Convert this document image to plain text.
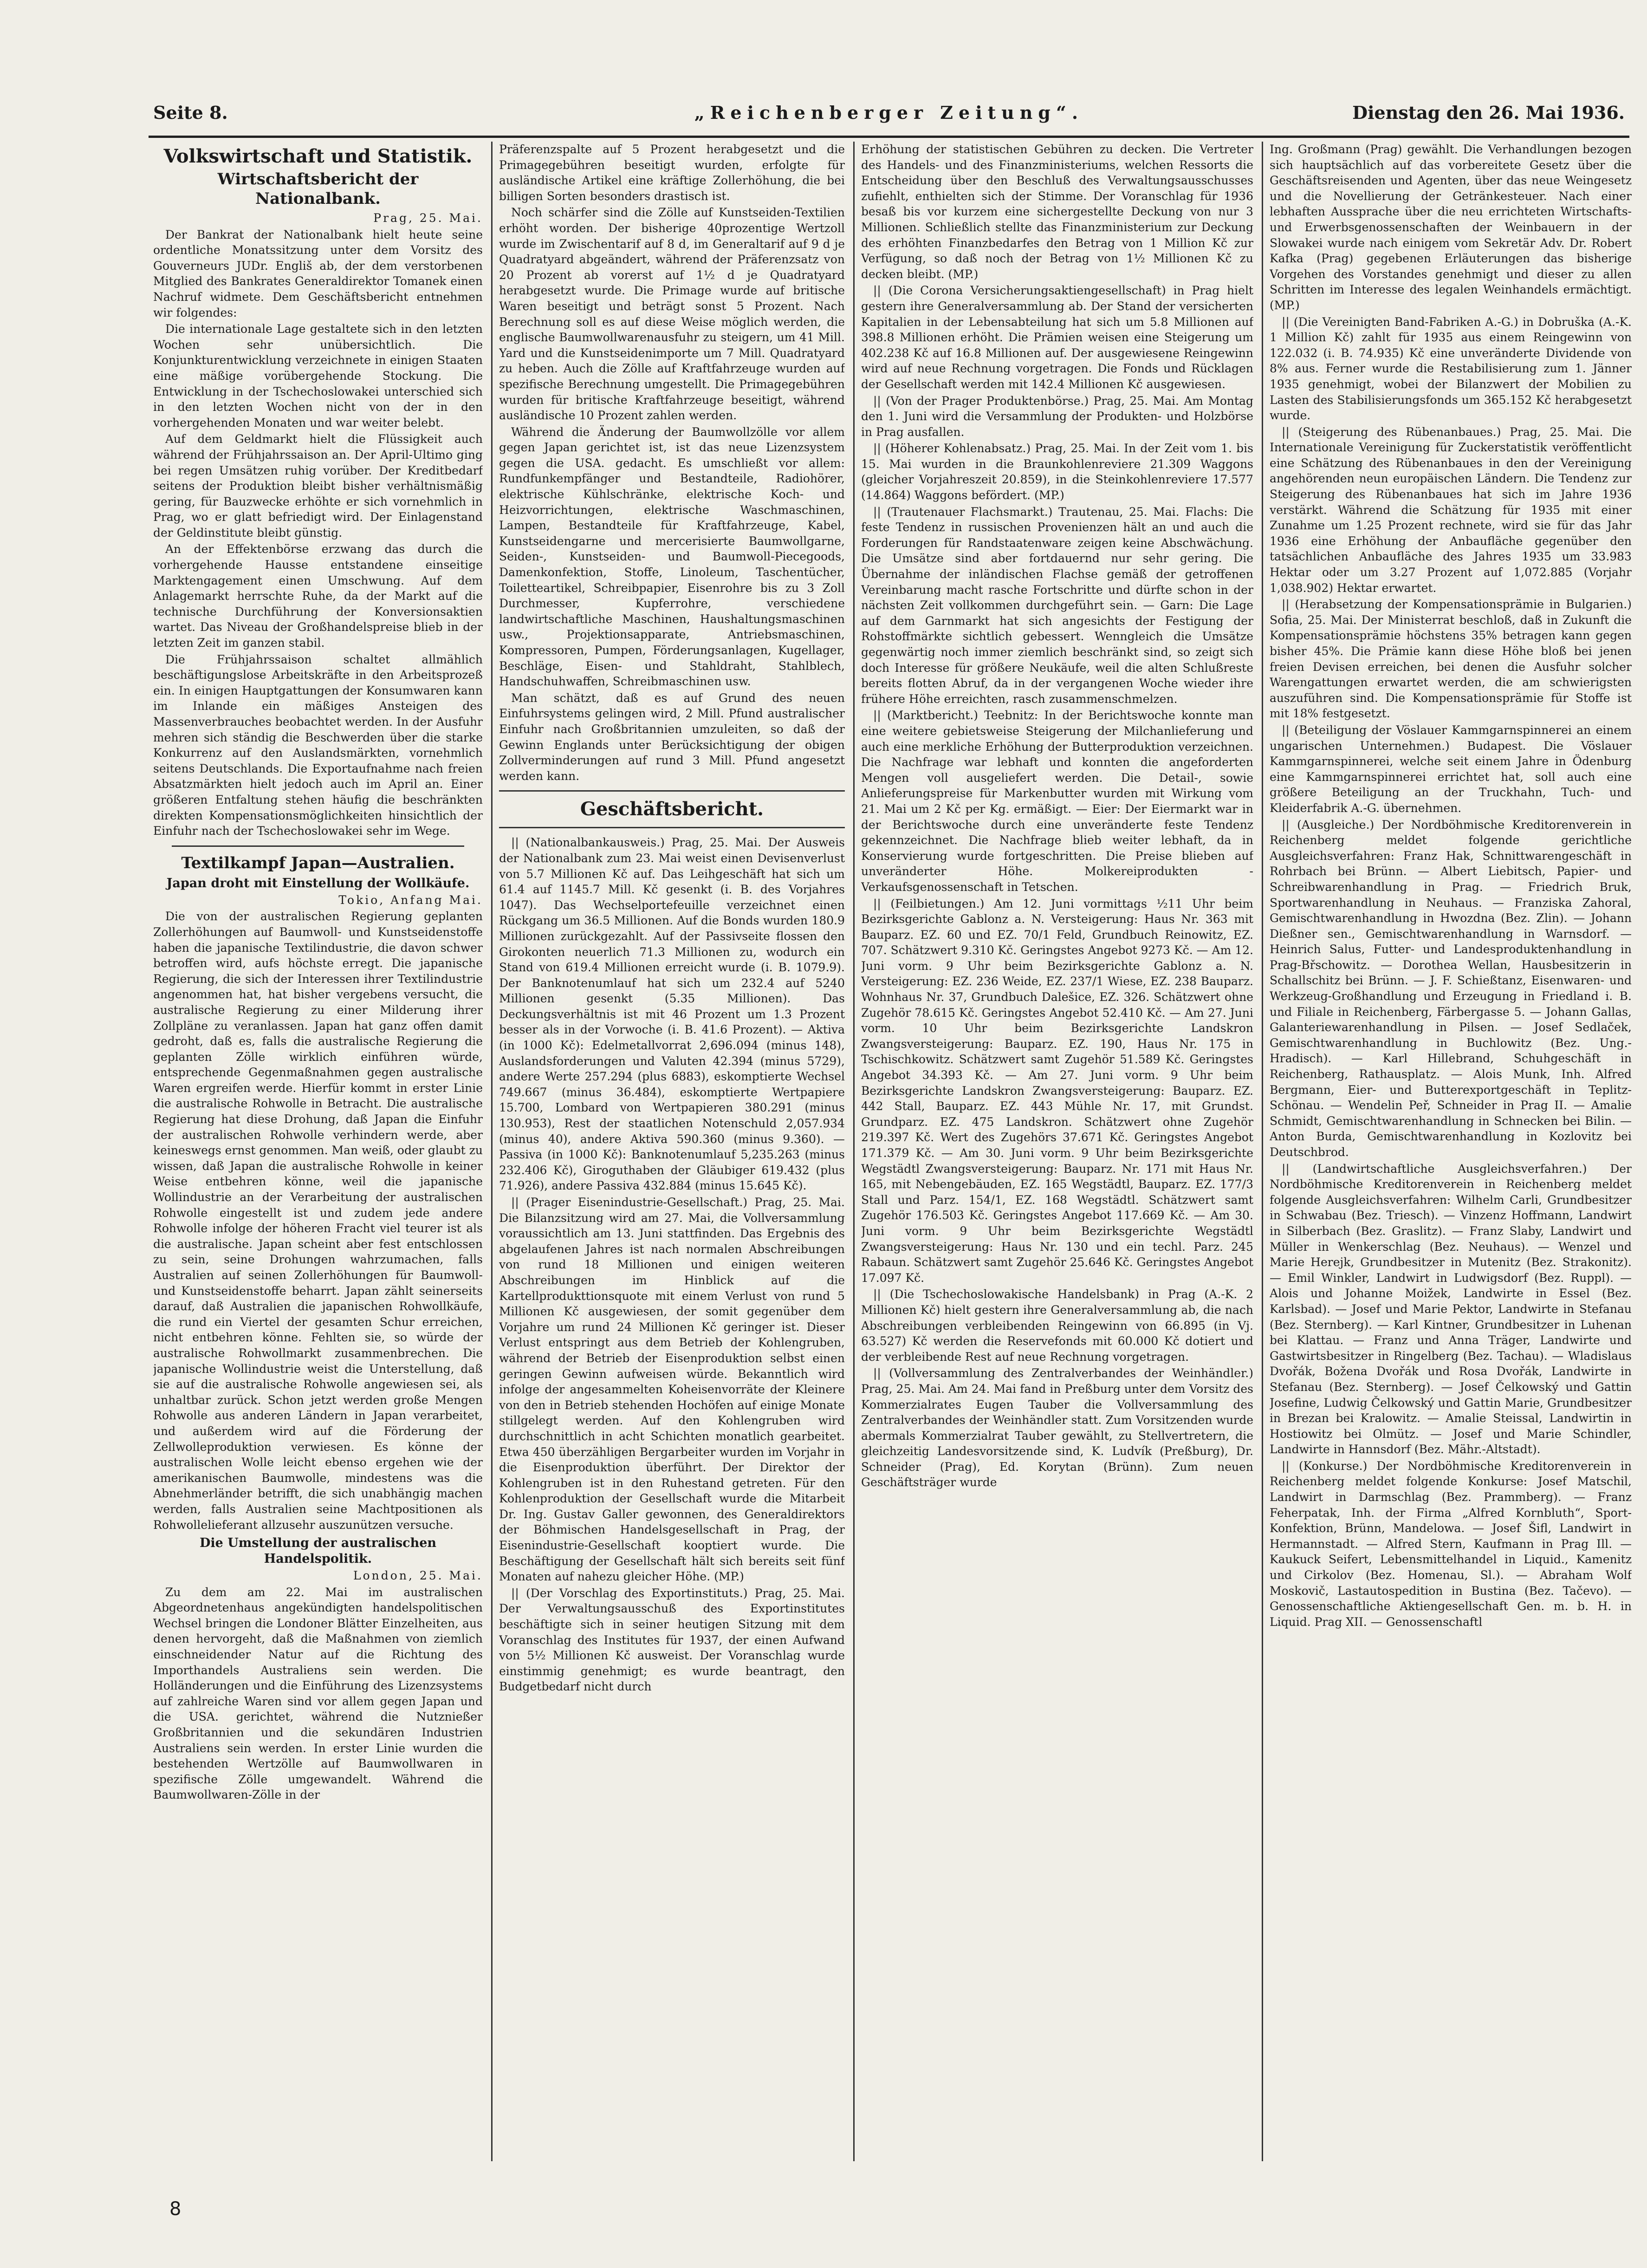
Seite 8.	„Reichenberger Zeitung“.	Dienstag den 26. Mai 1936.
Volkswirtschaft und Statistik.
Wirtschaftsbericht der Nationalbank.

Prag, 25. Mai.

Der Bankrat der Nationalbank hielt heute seine ordentliche Monatssitzung unter dem Vorsitz des Gouverneurs JUDr. Engliš ab, der dem verstorbenen Mitglied des Bankrates Generaldirektor Tomanek einen Nachruf widmete. Dem Geschäftsbericht entnehmen wir folgendes:

Die internationale Lage gestaltete sich in den letzten Wochen sehr unübersichtlich. Die Konjunkturentwicklung verzeichnete in einigen Staaten eine mäßige vorübergehende Stockung. Die Entwicklung in der Tschechoslowakei unterschied sich in den letzten Wochen nicht von der in den vorhergehenden Monaten und war weiter belebt.

Auf dem Geldmarkt hielt die Flüssigkeit auch während der Frühjahrssaison an. Der April-Ultimo ging bei regen Umsätzen ruhig vorüber. Der Kreditbedarf seitens der Produktion bleibt bisher verhältnismäßig gering, für Bauzwecke erhöhte er sich vornehmlich in Prag, wo er glatt befriedigt wird. Der Einlagenstand der Geldinstitute bleibt günstig.

An der Effektenbörse erzwang das durch die vorhergehende Hausse entstandene einseitige Marktengagement einen Umschwung. Auf dem Anlagemarkt herrschte Ruhe, da der Markt auf die technische Durchführung der Konversionsaktien wartet. Das Niveau der Großhandelspreise blieb in der letzten Zeit im ganzen stabil.

Die Frühjahrssaison schaltet allmählich beschäftigungslose Arbeitskräfte in den Arbeitsprozeß ein. In einigen Hauptgattungen der Konsumwaren kann im Inlande ein mäßiges Ansteigen des Massenverbrauches beobachtet werden. In der Ausfuhr mehren sich ständig die Beschwerden über die starke Konkurrenz auf den Auslandsmärkten, vornehmlich seitens Deutschlands. Die Exportaufnahme nach freien Absatzmärkten hielt jedoch auch im April an. Einer größeren Entfaltung stehen häufig die beschränkten direkten Kompensationsmöglichkeiten hinsichtlich der Einfuhr nach der Tschechoslowakei sehr im Wege.

Textilkampf Japan—Australien.
Japan droht mit Einstellung der Wollkäufe.

Tokio, Anfang Mai.

Die von der australischen Regierung geplanten Zollerhöhungen auf Baumwoll- und Kunstseidenstoffe haben die japanische Textilindustrie, die davon schwer betroffen wird, aufs höchste erregt. Die japanische Regierung, die sich der Interessen ihrer Textilindustrie angenommen hat, hat bisher vergebens versucht, die australische Regierung zu einer Milderung ihrer Zollpläne zu veranlassen. Japan hat ganz offen damit gedroht, daß es, falls die australische Regierung die geplanten Zölle wirklich einführen würde, entsprechende Gegenmaßnahmen gegen australische Waren ergreifen werde. Hierfür kommt in erster Linie die australische Rohwolle in Betracht. Die australische Regierung hat diese Drohung, daß Japan die Einfuhr der australischen Rohwolle verhindern werde, aber keineswegs ernst genommen. Man weiß, oder glaubt zu wissen, daß Japan die australische Rohwolle in keiner Weise entbehren könne, weil die japanische Wollindustrie an der Verarbeitung der australischen Rohwolle eingestellt ist und zudem jede andere Rohwolle infolge der höheren Fracht viel teurer ist als die australische. Japan scheint aber fest entschlossen zu sein, seine Drohungen wahrzumachen, falls Australien auf seinen Zollerhöhungen für Baumwoll- und Kunstseidenstoffe beharrt. Japan zählt seinerseits darauf, daß Australien die japanischen Rohwollkäufe, die rund ein Viertel der gesamten Schur erreichen, nicht entbehren könne. Fehlten sie, so würde der australische Rohwollmarkt zusammenbrechen. Die japanische Wollindustrie weist die Unterstellung, daß sie auf die australische Rohwolle angewiesen sei, als unhaltbar zurück. Schon jetzt werden große Mengen Rohwolle aus anderen Ländern in Japan verarbeitet, und außerdem wird auf die Förderung der Zellwolleproduktion verwiesen. Es könne der australischen Wolle leicht ebenso ergehen wie der amerikanischen Baumwolle, mindestens was die Abnehmerländer betrifft, die sich unabhängig machen werden, falls Australien seine Machtpositionen als Rohwollelieferant allzusehr auszunützen versuche.

Die Umstellung der australischen Handelspolitik.

London, 25. Mai.

Zu dem am 22. Mai im australischen Abgeordnetenhaus angekündigten handelspolitischen Wechsel bringen die Londoner Blätter Einzelheiten, aus denen hervorgeht, daß die Maßnahmen von ziemlich einschneidender Natur auf die Richtung des Importhandels Australiens sein werden. Die Holländerungen und die Einführung des Lizenzsystems auf zahlreiche Waren sind vor allem gegen Japan und die USA. gerichtet, während die Nutznießer Großbritannien und die sekundären Industrien Australiens sein werden. In erster Linie wurden die bestehenden Wertzölle auf Baumwollwaren in spezifische Zölle umgewandelt. Während die Baumwollwaren-Zölle in der

Präferenzspalte auf 5 Prozent herabgesetzt und die Primagegebühren beseitigt wurden, erfolgte für ausländische Artikel eine kräftige Zollerhöhung, die bei billigen Sorten besonders drastisch ist.

Noch schärfer sind die Zölle auf Kunstseiden-Textilien erhöht worden. Der bisherige 40prozentige Wertzoll wurde im Zwischentarif auf 8 d, im Generaltarif auf 9 d je Quadratyard abgeändert, während der Präferenzsatz von 20 Prozent ab vorerst auf 1½ d je Quadratyard herabgesetzt wurde. Die Primage wurde auf britische Waren beseitigt und beträgt sonst 5 Prozent. Nach Berechnung soll es auf diese Weise möglich werden, die englische Baumwollwarenausfuhr zu steigern, um 41 Mill. Yard und die Kunstseidenimporte um 7 Mill. Quadratyard zu heben. Auch die Zölle auf Kraftfahrzeuge wurden auf spezifische Berechnung umgestellt. Die Primagegebühren wurden für britische Kraftfahrzeuge beseitigt, während ausländische 10 Prozent zahlen werden.

Während die Änderung der Baumwollzölle vor allem gegen Japan gerichtet ist, ist das neue Lizenzsystem gegen die USA. gedacht. Es umschließt vor allem: Rundfunkempfänger und Bestandteile, Radiohörer, elektrische Kühlschränke, elektrische Koch- und Heizvorrichtungen, elektrische Waschmaschinen, Lampen, Bestandteile für Kraftfahrzeuge, Kabel, Kunstseidengarne und mercerisierte Baumwollgarne, Seiden-, Kunstseiden- und Baumwoll-Piecegoods, Damenkonfektion, Stoffe, Linoleum, Taschentücher, Toiletteartikel, Schreibpapier, Eisenrohre bis zu 3 Zoll Durchmesser, Kupferrohre, verschiedene landwirtschaftliche Maschinen, Haushaltungsmaschinen usw., Projektionsapparate, Antriebsmaschinen, Kompressoren, Pumpen, Förderungsanlagen, Kugellager, Beschläge, Eisen- und Stahldraht, Stahlblech, Handschuhwaffen, Schreibmaschinen usw.

Man schätzt, daß es auf Grund des neuen Einfuhrsystems gelingen wird, 2 Mill. Pfund australischer Einfuhr nach Großbritannien umzuleiten, so daß der Gewinn Englands unter Berücksichtigung der obigen Zollverminderungen auf rund 3 Mill. Pfund angesetzt werden kann.

Geschäftsbericht.

|| (Nationalbankausweis.) Prag, 25. Mai. Der Ausweis der Nationalbank zum 23. Mai weist einen Devisenverlust von 5.7 Millionen Kč auf. Das Leihgeschäft hat sich um 61.4 auf 1145.7 Mill. Kč gesenkt (i. B. des Vorjahres 1047). Das Wechselportefeuille verzeichnet einen Rückgang um 36.5 Millionen. Auf die Bonds wurden 180.9 Millionen zurückgezahlt. Auf der Passivseite flossen den Girokonten neuerlich 71.3 Millionen zu, wodurch ein Stand von 619.4 Millionen erreicht wurde (i. B. 1079.9). Der Banknotenumlauf hat sich um 232.4 auf 5240 Millionen gesenkt (5.35 Millionen). Das Deckungsverhältnis ist mit 46 Prozent um 1.3 Prozent besser als in der Vorwoche (i. B. 41.6 Prozent). — Aktiva (in 1000 Kč): Edelmetallvorrat 2,696.094 (minus 148), Auslandsforderungen und Valuten 42.394 (minus 5729), andere Werte 257.294 (plus 6883), eskomptierte Wechsel 749.667 (minus 36.484), eskomptierte Wertpapiere 15.700, Lombard von Wertpapieren 380.291 (minus 130.953), Rest der staatlichen Notenschuld 2,057.934 (minus 40), andere Aktiva 590.360 (minus 9.360). — Passiva (in 1000 Kč): Banknotenumlauf 5,235.263 (minus 232.406 Kč), Giroguthaben der Gläubiger 619.432 (plus 71.926), andere Passiva 432.884 (minus 15.645 Kč).

|| (Prager Eisenindustrie-Gesellschaft.) Prag, 25. Mai. Die Bilanzsitzung wird am 27. Mai, die Vollversammlung voraussichtlich am 13. Juni stattfinden. Das Ergebnis des abgelaufenen Jahres ist nach normalen Abschreibungen von rund 18 Millionen und einigen weiteren Abschreibungen im Hinblick auf die Kartellprodukttionsquote mit einem Verlust von rund 5 Millionen Kč ausgewiesen, der somit gegenüber dem Vorjahre um rund 24 Millionen Kč geringer ist. Dieser Verlust entspringt aus dem Betrieb der Kohlengruben, während der Betrieb der Eisenproduktion selbst einen geringen Gewinn aufweisen würde. Bekanntlich wird infolge der angesammelten Koheisenvorräte der Kleinere von den in Betrieb stehenden Hochöfen auf einige Monate stillgelegt werden. Auf den Kohlengruben wird durchschnittlich in acht Schichten monatlich gearbeitet. Etwa 450 überzähligen Bergarbeiter wurden im Vorjahr in die Eisenproduktion überführt. Der Direktor der Kohlengruben ist in den Ruhestand getreten. Für den Kohlenproduktion der Gesellschaft wurde die Mitarbeit Dr. Ing. Gustav Galler gewonnen, des Generaldirektors der Böhmischen Handelsgesellschaft in Prag, der Eisenindustrie-Gesellschaft kooptiert wurde. Die Beschäftigung der Gesellschaft hält sich bereits seit fünf Monaten auf nahezu gleicher Höhe. (MP.)

|| (Der Vorschlag des Exportinstituts.) Prag, 25. Mai. Der Verwaltungsausschuß des Exportinstitutes beschäftigte sich in seiner heutigen Sitzung mit dem Voranschlag des Institutes für 1937, der einen Aufwand von 5½ Millionen Kč ausweist. Der Voranschlag wurde einstimmig genehmigt; es wurde beantragt, den Budgetbedarf nicht durch

Erhöhung der statistischen Gebühren zu decken. Die Vertreter des Handels- und des Finanzministeriums, welchen Ressorts die Entscheidung über den Beschluß des Verwaltungsausschusses zufiehlt, enthielten sich der Stimme. Der Voranschlag für 1936 besaß bis vor kurzem eine sichergestellte Deckung von nur 3 Millionen. Schließlich stellte das Finanzministerium zur Deckung des erhöhten Finanzbedarfes den Betrag von 1 Million Kč zur Verfügung, so daß noch der Betrag von 1½ Millionen Kč zu decken bleibt. (MP.)

|| (Die Corona Versicherungsaktiengesellschaft) in Prag hielt gestern ihre Generalversammlung ab. Der Stand der versicherten Kapitalien in der Lebensabteilung hat sich um 5.8 Millionen auf 398.8 Millionen erhöht. Die Prämien weisen eine Steigerung um 402.238 Kč auf 16.8 Millionen auf. Der ausgewiesene Reingewinn wird auf neue Rechnung vorgetragen. Die Fonds und Rücklagen der Gesellschaft werden mit 142.4 Millionen Kč ausgewiesen.

|| (Von der Prager Produktenbörse.) Prag, 25. Mai. Am Montag den 1. Juni wird die Versammlung der Produkten- und Holzbörse in Prag ausfallen.

|| (Höherer Kohlenabsatz.) Prag, 25. Mai. In der Zeit vom 1. bis 15. Mai wurden in die Braunkohlenreviere 21.309 Waggons (gleicher Vorjahreszeit 20.859), in die Steinkohlenreviere 17.577 (14.864) Waggons befördert. (MP.)

|| (Trautenauer Flachsmarkt.) Trautenau, 25. Mai. Flachs: Die feste Tendenz in russischen Provenienzen hält an und auch die Forderungen für Randstaatenware zeigen keine Abschwächung. Die Umsätze sind aber fortdauernd nur sehr gering. Die Übernahme der inländischen Flachse gemäß der getroffenen Vereinbarung macht rasche Fortschritte und dürfte schon in der nächsten Zeit vollkommen durchgeführt sein. — Garn: Die Lage auf dem Garnmarkt hat sich angesichts der Festigung der Rohstoffmärkte sichtlich gebessert. Wenngleich die Umsätze gegenwärtig noch immer ziemlich beschränkt sind, so zeigt sich doch Interesse für größere Neukäufe, weil die alten Schlußreste bereits flotten Abruf, da in der vergangenen Woche wieder ihre frühere Höhe erreichten, rasch zusammenschmelzen.

|| (Marktbericht.) Teebnitz: In der Berichtswoche konnte man eine weitere gebietsweise Steigerung der Milchanlieferung und auch eine merkliche Erhöhung der Butterproduktion verzeichnen. Die Nachfrage war lebhaft und konnten die angeforderten Mengen voll ausgeliefert werden. Die Detail-, sowie Anlieferungspreise für Markenbutter wurden mit Wirkung vom 21. Mai um 2 Kč per Kg. ermäßigt. — Eier: Der Eiermarkt war in der Berichtswoche durch eine unveränderte feste Tendenz gekennzeichnet. Die Nachfrage blieb weiter lebhaft, da in Konservierung wurde fortgeschritten. Die Preise blieben auf unveränderter Höhe. Molkereiprodukten - Verkaufsgenossenschaft in Tetschen.

|| (Feilbietungen.) Am 12. Juni vormittags ½11 Uhr beim Bezirksgerichte Gablonz a. N. Versteigerung: Haus Nr. 363 mit Bauparz. EZ. 60 und EZ. 70/1 Feld, Grundbuch Reinowitz, EZ. 707. Schätzwert 9.310 Kč. Geringstes Angebot 9273 Kč. — Am 12. Juni vorm. 9 Uhr beim Bezirksgerichte Gablonz a. N. Versteigerung: EZ. 236 Weide, EZ. 237/1 Wiese, EZ. 238 Bauparz. Wohnhaus Nr. 37, Grundbuch Dalešice, EZ. 326. Schätzwert ohne Zugehör 78.615 Kč. Geringstes Angebot 52.410 Kč. — Am 27. Juni vorm. 10 Uhr beim Bezirksgerichte Landskron Zwangsversteigerung: Bauparz. EZ. 190, Haus Nr. 175 in Tschischkowitz. Schätzwert samt Zugehör 51.589 Kč. Geringstes Angebot 34.393 Kč. — Am 27. Juni vorm. 9 Uhr beim Bezirksgerichte Landskron Zwangsversteigerung: Bauparz. EZ. 442 Stall, Bauparz. EZ. 443 Mühle Nr. 17, mit Grundst. Grundparz. EZ. 475 Landskron. Schätzwert ohne Zugehör 219.397 Kč. Wert des Zugehörs 37.671 Kč. Geringstes Angebot 171.379 Kč. — Am 30. Juni vorm. 9 Uhr beim Bezirksgerichte Wegstädtl Zwangsversteigerung: Bauparz. Nr. 171 mit Haus Nr. 165, mit Nebengebäuden, EZ. 165 Wegstädtl, Bauparz. EZ. 177/3 Stall und Parz. 154/1, EZ. 168 Wegstädtl. Schätzwert samt Zugehör 176.503 Kč. Geringstes Angebot 117.669 Kč. — Am 30. Juni vorm. 9 Uhr beim Bezirksgerichte Wegstädtl Zwangsversteigerung: Haus Nr. 130 und ein techl. Parz. 245 Rabaun. Schätzwert samt Zugehör 25.646 Kč. Geringstes Angebot 17.097 Kč.

|| (Die Tschechoslowakische Handelsbank) in Prag (A.-K. 2 Millionen Kč) hielt gestern ihre Generalversammlung ab, die nach Abschreibungen verbleibenden Reingewinn von 66.895 (in Vj. 63.527) Kč werden die Reservefonds mit 60.000 Kč dotiert und der verbleibende Rest auf neue Rechnung vorgetragen.

|| (Vollversammlung des Zentralverbandes der Weinhändler.) Prag, 25. Mai. Am 24. Mai fand in Preßburg unter dem Vorsitz des Kommerzialrates Eugen Tauber die Vollversammlung des Zentralverbandes der Weinhändler statt. Zum Vorsitzenden wurde abermals Kommerzialrat Tauber gewählt, zu Stellvertretern, die gleichzeitig Landesvorsitzende sind, K. Ludvík (Preßburg), Dr. Schneider (Prag), Ed. Korytan (Brünn). Zum neuen Geschäftsträger wurde

Ing. Großmann (Prag) gewählt. Die Verhandlungen bezogen sich hauptsächlich auf das vorbereitete Gesetz über die Geschäftsreisenden und Agenten, über das neue Weingesetz und die Novellierung der Getränkesteuer. Nach einer lebhaften Aussprache über die neu errichteten Wirtschafts- und Erwerbsgenossenschaften der Weinbauern in der Slowakei wurde nach einigem vom Sekretär Adv. Dr. Robert Kafka (Prag) gegebenen Erläuterungen das bisherige Vorgehen des Vorstandes genehmigt und dieser zu allen Schritten im Interesse des legalen Weinhandels ermächtigt. (MP.)

|| (Die Vereinigten Band-Fabriken A.-G.) in Dobruška (A.-K. 1 Million Kč) zahlt für 1935 aus einem Reingewinn von 122.032 (i. B. 74.935) Kč eine unveränderte Dividende von 8% aus. Ferner wurde die Restabilisierung zum 1. Jänner 1935 genehmigt, wobei der Bilanzwert der Mobilien zu Lasten des Stabilisierungsfonds um 365.152 Kč herabgesetzt wurde.

|| (Steigerung des Rübenanbaues.) Prag, 25. Mai. Die Internationale Vereinigung für Zuckerstatistik veröffentlicht eine Schätzung des Rübenanbaues in den der Vereinigung angehörenden neun europäischen Ländern. Die Tendenz zur Steigerung des Rübenanbaues hat sich im Jahre 1936 verstärkt. Während die Schätzung für 1935 mit einer Zunahme um 1.25 Prozent rechnete, wird sie für das Jahr 1936 eine Erhöhung der Anbaufläche gegenüber den tatsächlichen Anbaufläche des Jahres 1935 um 33.983 Hektar oder um 3.27 Prozent auf 1,072.885 (Vorjahr 1,038.902) Hektar erwartet.

|| (Herabsetzung der Kompensationsprämie in Bulgarien.) Sofia, 25. Mai. Der Ministerrat beschloß, daß in Zukunft die Kompensationsprämie höchstens 35% betragen kann gegen bisher 45%. Die Prämie kann diese Höhe bloß bei jenen freien Devisen erreichen, bei denen die Ausfuhr solcher Warengattungen erwartet werden, die am schwierigsten auszuführen sind. Die Kompensationsprämie für Stoffe ist mit 18% festgesetzt.

|| (Beteiligung der Vöslauer Kammgarnspinnerei an einem ungarischen Unternehmen.) Budapest. Die Vöslauer Kammgarnspinnerei, welche seit einem Jahre in Ödenburg eine Kammgarnspinnerei errichtet hat, soll auch eine größere Beteiligung an der Truckhahn, Tuch- und Kleiderfabrik A.-G. übernehmen.

|| (Ausgleiche.) Der Nordböhmische Kreditorenverein in Reichenberg meldet folgende gerichtliche Ausgleichsverfahren: Franz Hak, Schnittwarengeschäft in Rohrbach bei Brünn. — Albert Liebitsch, Papier- und Schreibwarenhandlung in Prag. — Friedrich Bruk, Sportwarenhandlung in Neuhaus. — Franziska Zahoral, Gemischtwarenhandlung in Hwozdna (Bez. Zlin). — Johann Dießner sen., Gemischtwarenhandlung in Warnsdorf. — Heinrich Salus, Futter- und Landesproduktenhandlung in Prag-Břschowitz. — Dorothea Wellan, Hausbesitzerin in Schallschitz bei Brünn. — J. F. Schießtanz, Eisenwaren- und Werkzeug-Großhandlung und Erzeugung in Friedland i. B. und Filiale in Reichenberg, Färbergasse 5. — Johann Gallas, Galanteriewarenhandlung in Pilsen. — Josef Sedlaček, Gemischtwarenhandlung in Buchlowitz (Bez. Ung.-Hradisch). — Karl Hillebrand, Schuhgeschäft in Reichenberg, Rathausplatz. — Alois Munk, Inh. Alfred Bergmann, Eier- und Butterexportgeschäft in Teplitz-Schönau. — Wendelin Peř, Schneider in Prag II. — Amalie Schmidt, Gemischtwarenhandlung in Schnecken bei Bilin. — Anton Burda, Gemischtwarenhandlung in Kozlovitz bei Deutschbrod.

|| (Landwirtschaftliche Ausgleichsverfahren.) Der Nordböhmische Kreditorenverein in Reichenberg meldet folgende Ausgleichsverfahren: Wilhelm Carli, Grundbesitzer in Schwabau (Bez. Triesch). — Vinzenz Hoffmann, Landwirt in Silberbach (Bez. Graslitz). — Franz Slaby, Landwirt und Müller in Wenkerschlag (Bez. Neuhaus). — Wenzel und Marie Herejk, Grundbesitzer in Mutenitz (Bez. Strakonitz). — Emil Winkler, Landwirt in Ludwigsdorf (Bez. Ruppl). — Alois und Johanne Moižek, Landwirte in Essel (Bez. Karlsbad). — Josef und Marie Pektor, Landwirte in Stefanau (Bez. Sternberg). — Karl Kintner, Grundbesitzer in Luhenan bei Klattau. — Franz und Anna Träger, Landwirte und Gastwirtsbesitzer in Ringelberg (Bez. Tachau). — Wladislaus Dvořák, Božena Dvořák und Rosa Dvořák, Landwirte in Stefanau (Bez. Sternberg). — Josef Čelkowský und Gattin Josefine, Ludwig Čelkowský und Gattin Marie, Grundbesitzer in Brezan bei Kralowitz. — Amalie Steissal, Landwirtin in Hostiowitz bei Olmütz. — Josef und Marie Schindler, Landwirte in Hannsdorf (Bez. Mähr.-Altstadt).

|| (Konkurse.) Der Nordböhmische Kreditorenverein in Reichenberg meldet folgende Konkurse: Josef Matschil, Landwirt in Darmschlag (Bez. Prammberg). — Franz Feherpatak, Inh. der Firma „Alfred Kornbluth“, Sport-Konfektion, Brünn, Mandelowa. — Josef Šifl, Landwirt in Hermannstadt. — Alfred Stern, Kaufmann in Prag Ill. — Kaukuck Seifert, Lebensmittelhandel in Liquid., Kamenitz und Cirkolov (Bez. Homenau, Sl.). — Abraham Wolf Moskovič, Lastautospedition in Bustina (Bez. Tačevo). — Genossenschaftliche Aktiengesellschaft Gen. m. b. H. in Liquid. Prag XII. — Genossenschaftl

8
